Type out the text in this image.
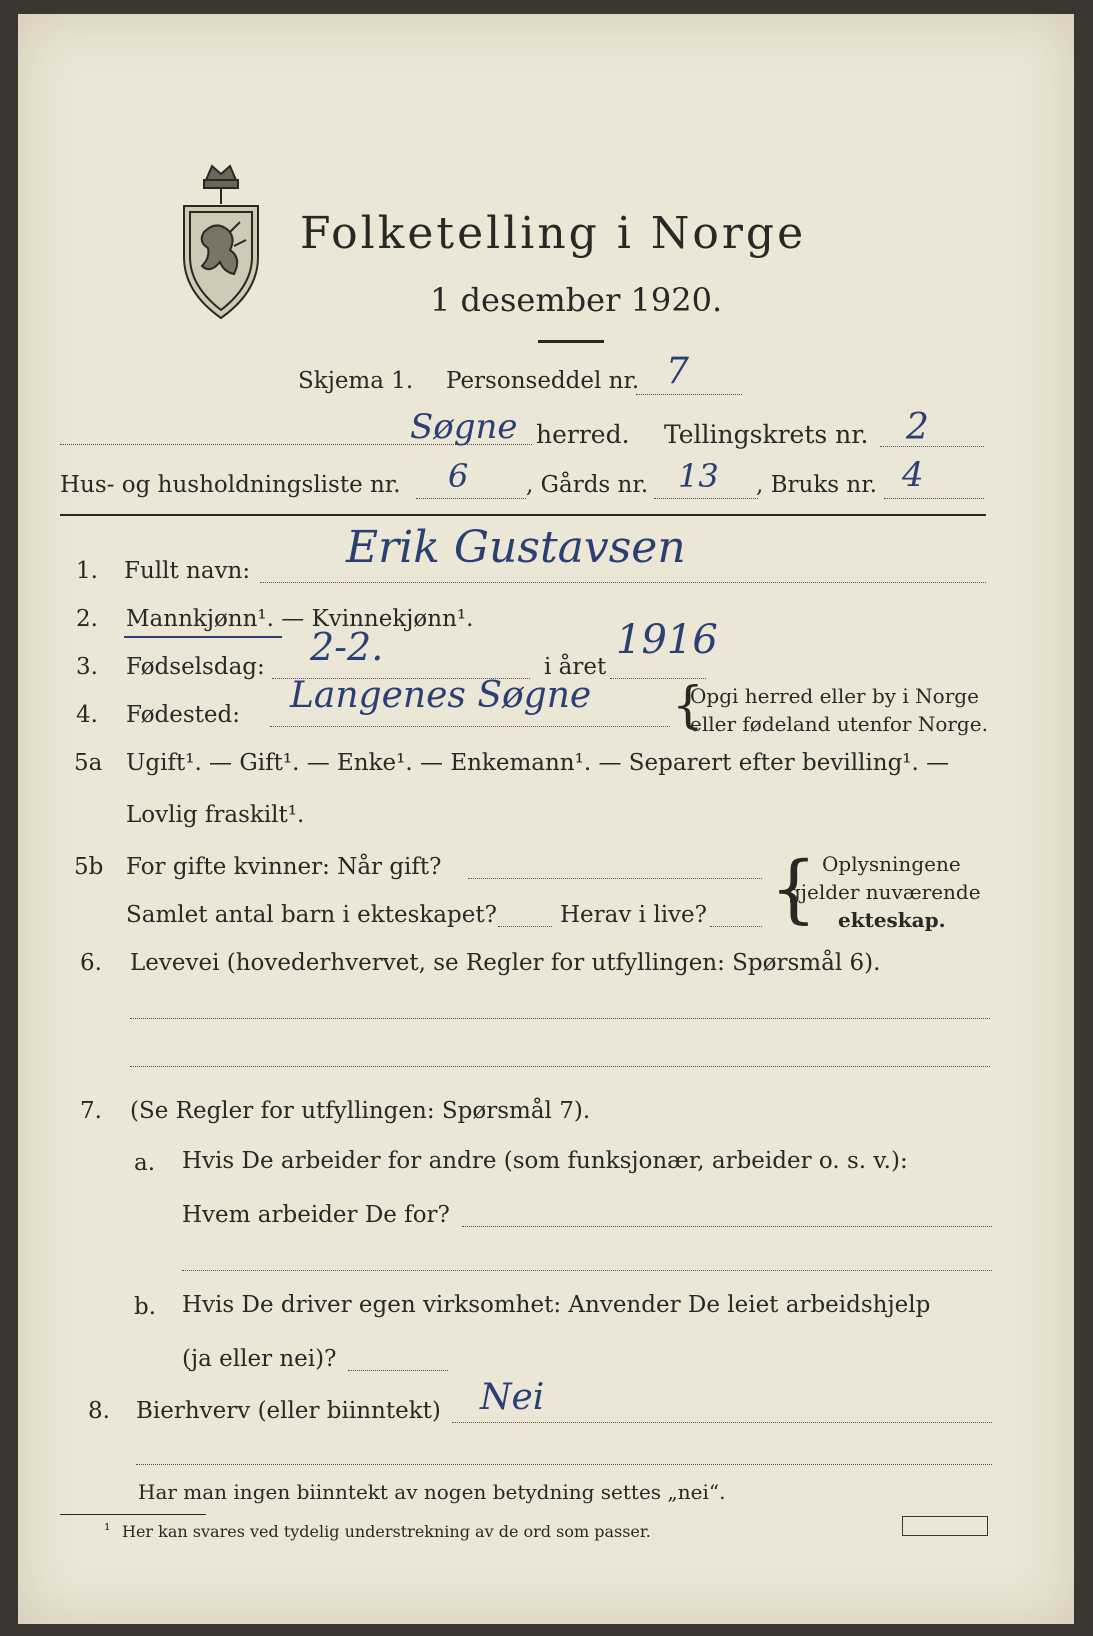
Folketelling i Norge
1 desember 1920.
Skjema 1. Personseddel nr. 7
Søgne herred. Tellingskrets nr. 2
Hus- og husholdningsliste nr. 6	, Gårds nr. 13 , Bruks nr. 4
1. Fullt navn: Erik Gustavsen
2. Mannkjønn¹. — Kvinnekjønn¹.
3. Fødselsdag: 2-2.	i året
1916
4. Fødested: Langenes Søgne {
Opgi herred eller by i Norge
eller fødeland utenfor Norge.
5a Ugift¹. — Gift¹. — Enke¹. — Enkemann¹. — Separert efter bevilling¹. —
Lovlig fraskilt¹.
5b For gifte kvinner: Når gift?
Samlet antal barn i ekteskapet?	Herav i live? { Oplysningene
gjelder nuværende
ekteskap.
6. Levevei (hovederhvervet, se Regler for utfyllingen: Spørsmål 6).
7. (Se Regler for utfyllingen: Spørsmål 7).
a. Hvis De arbeider for andre (som funksjonær, arbeider o. s. v.):
Hvem arbeider De for?
b. Hvis De driver egen virksomhet: Anvender De leiet arbeidshjelp
(ja eller nei)?
8. Bierhverv (eller biinntekt) Nei
Har man ingen biinntekt av nogen betydning settes „nei“.
¹ Her kan svares ved tydelig understrekning av de ord som passer.
